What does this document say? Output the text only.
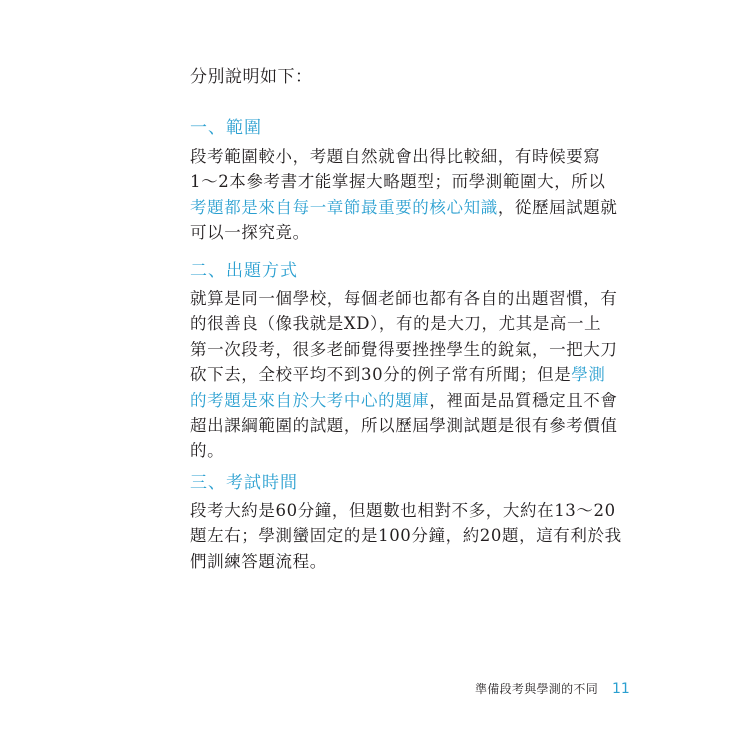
分別說明如下：
一、範圍
段考範圍較小，考題自然就會出得比較細，有時候要寫
1～2本參考書才能掌握大略題型；而學測範圍大，所以
考題都是來自每一章節最重要的核心知識，從歷屆試題就
可以一探究竟。
二、出題方式
就算是同一個學校，每個老師也都有各自的出題習慣，有
的很善良（像我就是XD），有的是大刀，尤其是高一上
第一次段考，很多老師覺得要挫挫學生的銳氣，一把大刀
砍下去，全校平均不到30分的例子常有所聞；但是學測
的考題是來自於大考中心的題庫，裡面是品質穩定且不會
超出課綱範圍的試題，所以歷屆學測試題是很有參考價值
的。
三、考試時間
段考大約是60分鐘，但題數也相對不多，大約在13～20
題左右；學測蠻固定的是100分鐘，約20題，這有利於我
們訓練答題流程。
準備段考與學測的不同 11
